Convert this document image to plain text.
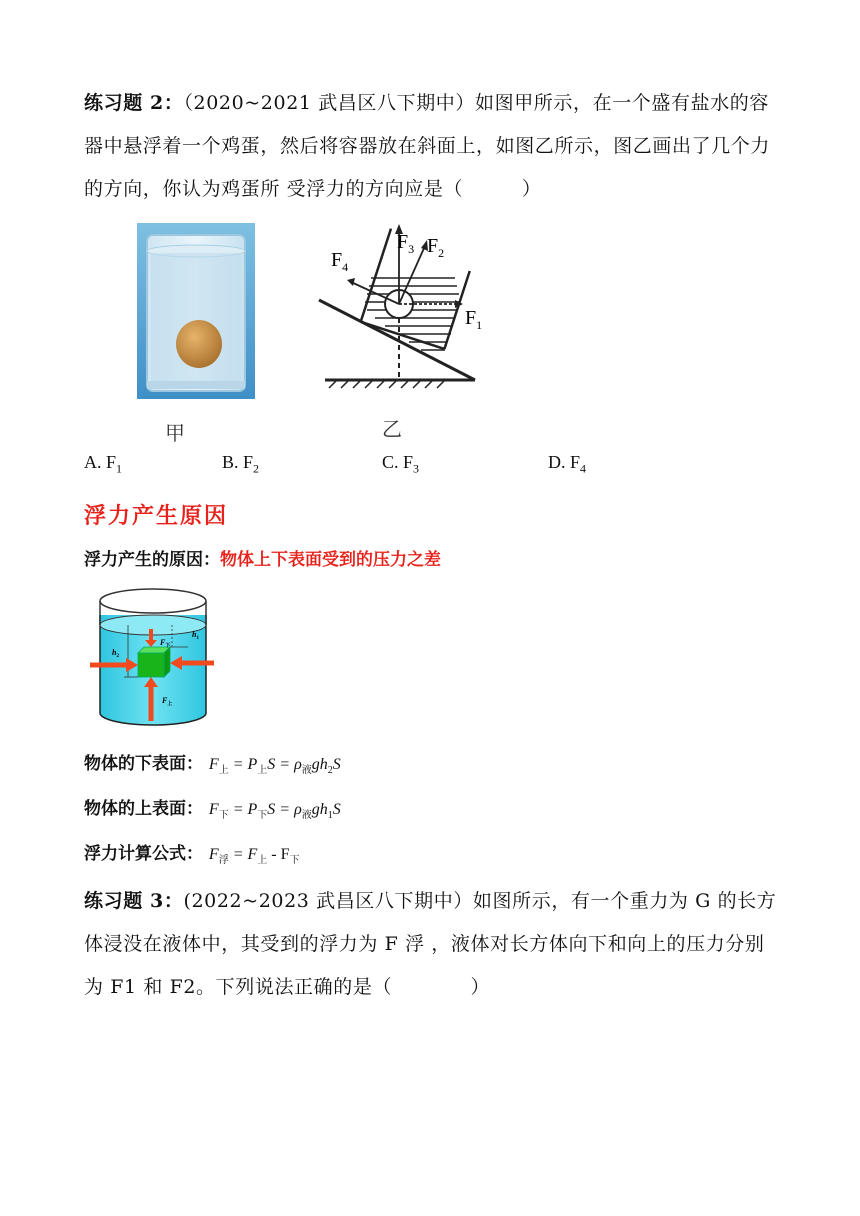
练习题 2：（2020~2021 武昌区八下期中）如图甲所示，在一个盛有盐水的容器中悬浮着一个鸡蛋，然后将容器放在斜面上，如图乙所示，图乙画出了几个力的方向，你认为鸡蛋所 受浮力的方向应是（　　　）
甲
$F_1$
$F_2$
$F_3$
$F_4$
乙
A. $F_1$	B. $F_2$	C. $F_3$	D. $F_4$
浮力产生原因
浮力产生的原因：物体上下表面受到的压力之差
$F_下$
$h_1$
$h_2$
$F_上$
物体的下表面： $F_上 = P_上S = \rho_液gh_2S$
物体的上表面： $F_下 = P_下S = \rho_液gh_1S$
浮力计算公式： $F_浮 = F_上 - F_下$
练习题 3：(2022~2023 武昌区八下期中）如图所示，有一个重力为 G 的长方体浸没在液体中，其受到的浮力为 F 浮 ，液体对长方体向下和向上的压力分别为 F1 和 F2。下列说法正确的是（　　　　）
